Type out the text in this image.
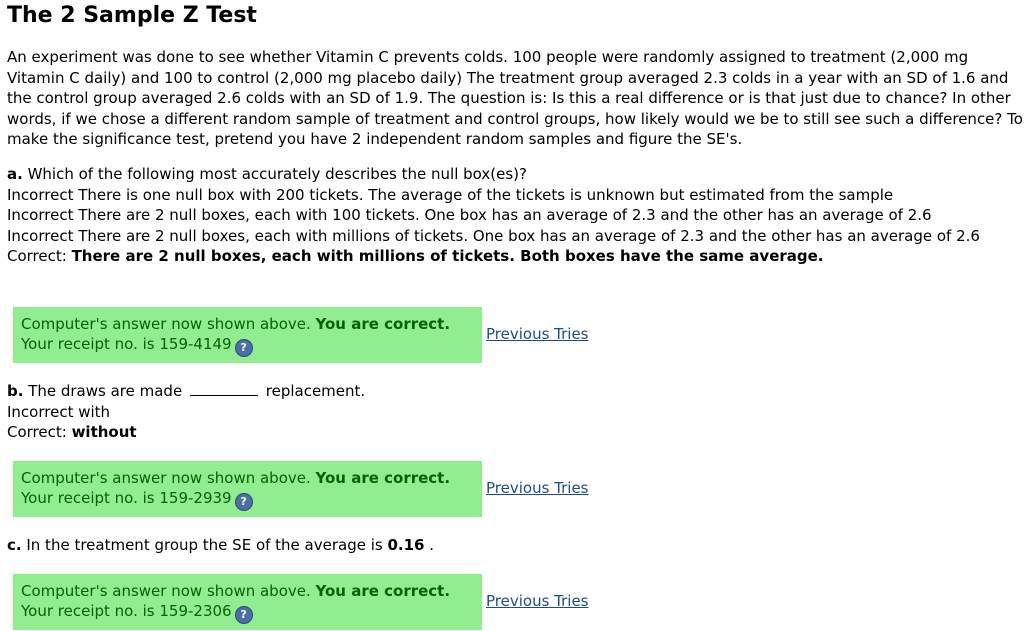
The 2 Sample Z Test

An experiment was done to see whether Vitamin C prevents colds. 100 people were randomly assigned to treatment (2,000 mg Vitamin C daily) and 100 to control (2,000 mg placebo daily) The treatment group averaged 2.3 colds in a year with an SD of 1.6 and the control group averaged 2.6 colds with an SD of 1.9. The question is: Is this a real difference or is that just due to chance? In other words, if we chose a different random sample of treatment and control groups, how likely would we be to still see such a difference? To make the significance test, pretend you have 2 independent random samples and figure the SE's.

a. Which of the following most accurately describes the null box(es)?
Incorrect There is one null box with 200 tickets. The average of the tickets is unknown but estimated from the sample
Incorrect There are 2 null boxes, each with 100 tickets. One box has an average of 2.3 and the other has an average of 2.6
Incorrect There are 2 null boxes, each with millions of tickets. One box has an average of 2.3 and the other has an average of 2.6
Correct: There are 2 null boxes, each with millions of tickets. Both boxes have the same average.
Computer's answer now shown above. You are correct.
Your receipt no. is 159-4149 ?
Previous Tries
b. The draws are made	replacement.
Incorrect with
Correct: without
Computer's answer now shown above. You are correct.
Your receipt no. is 159-2939 ?
Previous Tries
c. In the treatment group the SE of the average is 0.16 .
Computer's answer now shown above. You are correct.
Your receipt no. is 159-2306 ?
Previous Tries
